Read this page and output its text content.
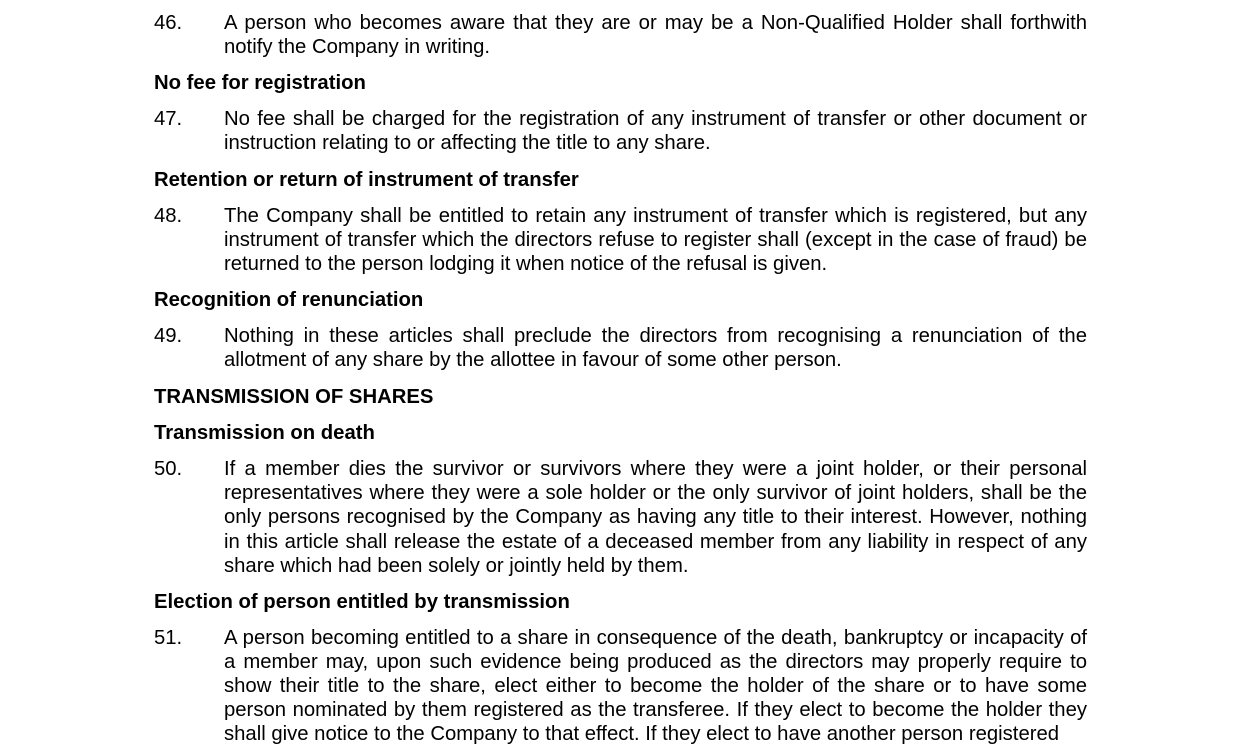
46. A person who becomes aware that they are or may be a Non-Qualified Holder shall forthwith notify the Company in writing.
No fee for registration
47. No fee shall be charged for the registration of any instrument of transfer or other document or instruction relating to or affecting the title to any share.
Retention or return of instrument of transfer
48. The Company shall be entitled to retain any instrument of transfer which is registered, but any instrument of transfer which the directors refuse to register shall (except in the case of fraud) be returned to the person lodging it when notice of the refusal is given.
Recognition of renunciation
49. Nothing in these articles shall preclude the directors from recognising a renunciation of the allotment of any share by the allottee in favour of some other person.
TRANSMISSION OF SHARES
Transmission on death
50. If a member dies the survivor or survivors where they were a joint holder, or their personal representatives where they were a sole holder or the only survivor of joint holders, shall be the only persons recognised by the Company as having any title to their interest. However, nothing in this article shall release the estate of a deceased member from any liability in respect of any share which had been solely or jointly held by them.
Election of person entitled by transmission
51. A person becoming entitled to a share in consequence of the death, bankruptcy or incapacity of a member may, upon such evidence being produced as the directors may properly require to show their title to the share, elect either to become the holder of the share or to have some person nominated by them registered as the transferee. If they elect to become the holder they shall give notice to the Company to that effect. If they elect to have another person registered
